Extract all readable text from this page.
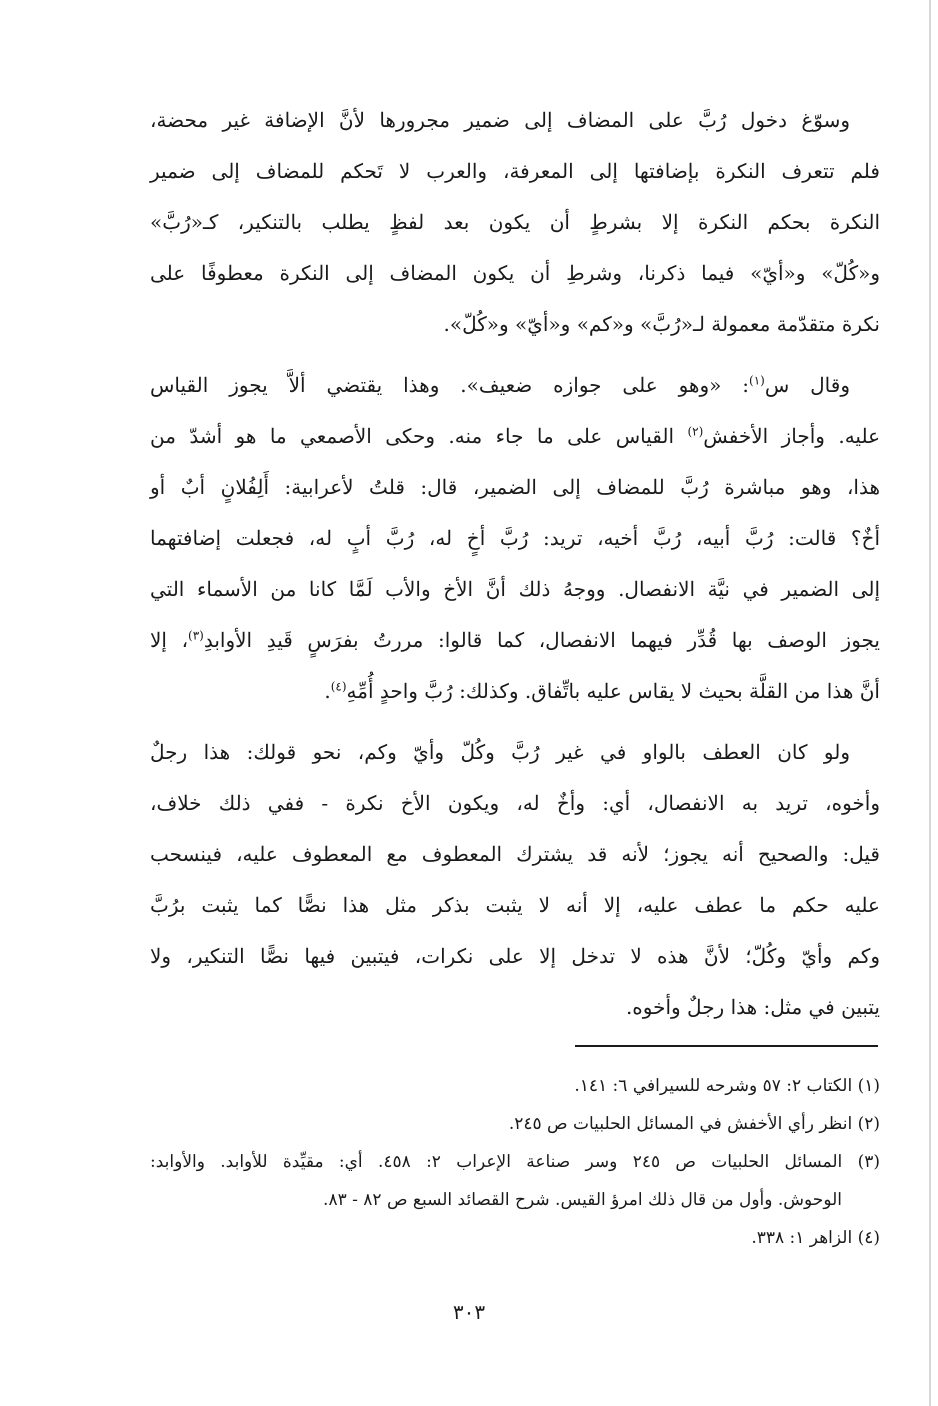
وسوّغ دخول رُبَّ على المضاف إلى ضمير مجرورها لأنَّ الإضافة غير محضة،
فلم تتعرف النكرة بإضافتها إلى المعرفة، والعرب لا تَحكم للمضاف إلى ضمير
النكرة بحكم النكرة إلا بشرطٍ أن يكون بعد لفظٍ يطلب بالتنكير، كـ«رُبَّ»
و«كُلّ» و«أيّ» فيما ذكرنا، وشرطِ أن يكون المضاف إلى النكرة معطوفًا على
نكرة متقدّمة معمولة لـ«رُبَّ» و«كم» و«أيّ» و«كُلّ».
وقال س$^{(١)}$: «وهو على جوازه ضعيف». وهذا يقتضي ألاَّ يجوز القياس
عليه. وأجاز الأخفش$^{(٢)}$ القياس على ما جاء منه. وحكى الأصمعي ما هو أشدّ من
هذا، وهو مباشرة رُبَّ للمضاف إلى الضمير، قال: قلتُ لأعرابية: أَلِفُلانٍ أبٌ أو
أخٌ؟ قالت: رُبَّ أبيه، رُبَّ أخيه، تريد: رُبَّ أخٍ له، رُبَّ أبٍ له، فجعلت إضافتهما
إلى الضمير في نيَّة الانفصال. ووجهُ ذلك أنَّ الأخ والأب لَمَّا كانا من الأسماء التي
يجوز الوصف بها قُدِّر فيهما الانفصال، كما قالوا: مررتُ بفرَسٍ قَيدِ الأوابدِ$^{(٣)}$، إلا
أنَّ هذا من القلَّة بحيث لا يقاس عليه باتِّفاق. وكذلك: رُبَّ واحدٍ أُمِّهِ$^{(٤)}$.
ولو كان العطف بالواو في غير رُبَّ وكُلّ وأيّ وكم، نحو قولك: هذا رجلٌ
وأخوه، تريد به الانفصال، أي: وأخٌ له، ويكون الأخ نكرة - ففي ذلك خلاف،
قيل: والصحيح أنه يجوز؛ لأنه قد يشترك المعطوف مع المعطوف عليه، فينسحب
عليه حكم ما عطف عليه، إلا أنه لا يثبت بذكر مثل هذا نصًّا كما يثبت برُبَّ
وكم وأيّ وكُلّ؛ لأنَّ هذه لا تدخل إلا على نكرات، فيتبين فيها نصًّا التنكير، ولا
يتبين في مثل: هذا رجلٌ وأخوه.
(١) الكتاب ٢: ٥٧ وشرحه للسيرافي ٦: ١٤١.
(٢) انظر رأي الأخفش في المسائل الحلبيات ص ٢٤٥.
(٣) المسائل الحلبيات ص ٢٤٥ وسر صناعة الإعراب ٢: ٤٥٨. أي: مقيِّدة للأوابد. والأوابد:
الوحوش. وأول من قال ذلك امرؤ القيس. شرح القصائد السبع ص ٨٢ - ٨٣.
(٤) الزاهر ١: ٣٣٨.
٣٠٣
